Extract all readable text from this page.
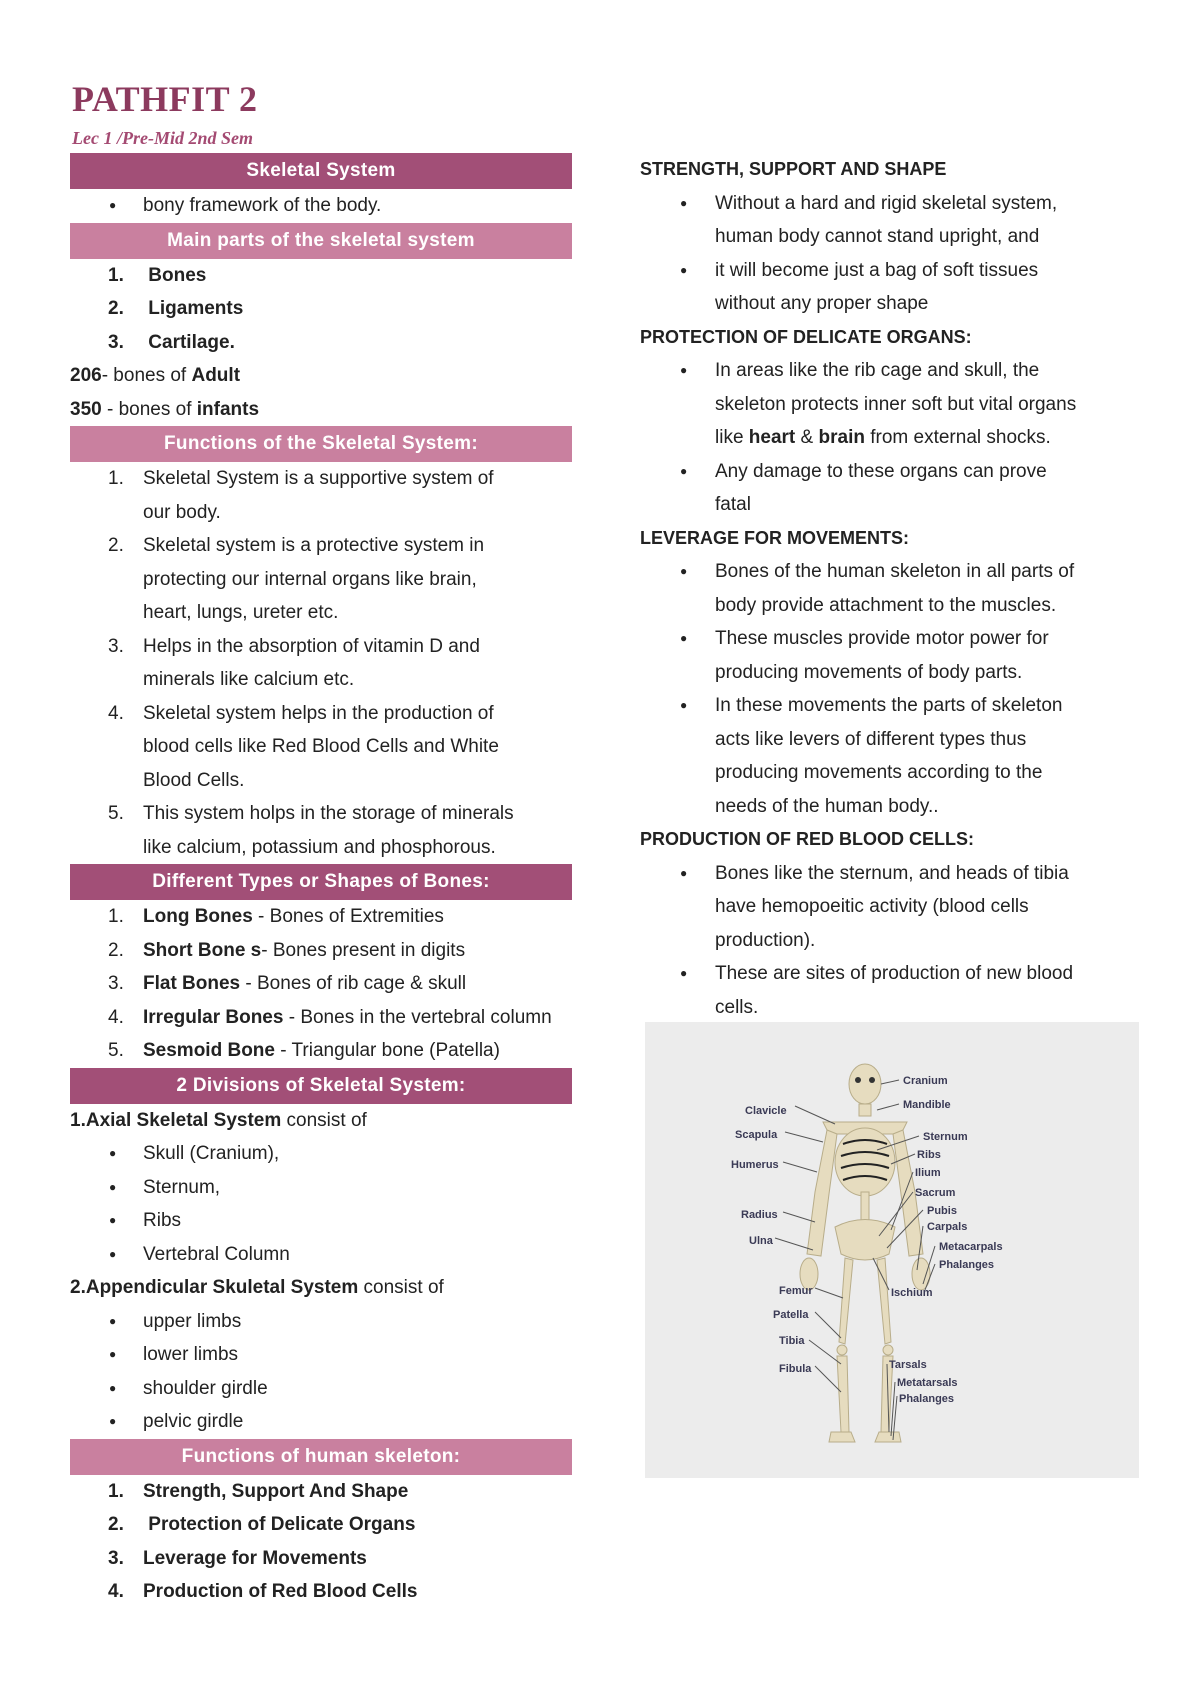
PATHFIT 2

Lec 1 /Pre-Mid 2nd Sem

Skeletal System

● bony framework of the body.

Main parts of the skeletal system

1. Bones

2. Ligaments

3. Cartilage.

206- bones of Adult

350 - bones of infants

Functions of the Skeletal System:

1. Skeletal System is a supportive system of

our body.

2. Skeletal system is a protective system in

protecting our internal organs like brain,

heart, lungs, ureter etc.

3. Helps in the absorption of vitamin D and

minerals like calcium etc.

4. Skeletal system helps in the production of

blood cells like Red Blood Cells and White

Blood Cells.

5. This system holps in the storage of minerals

like calcium, potassium and phosphorous.

Different Types or Shapes of Bones:

1. Long Bones - Bones of Extremities

2. Short Bone s- Bones present in digits

3. Flat Bones - Bones of rib cage & skull

4. Irregular Bones - Bones in the vertebral column

5. Sesmoid Bone - Triangular bone (Patella)

2 Divisions of Skeletal System:

1.Axial Skeletal System consist of

● Skull (Cranium),

● Sternum,

● Ribs

● Vertebral Column

2.Appendicular Skuletal System consist of

● upper limbs

● lower limbs

● shoulder girdle

● pelvic girdle

Functions of human skeleton:

1. Strength, Support And Shape

2. Protection of Delicate Organs

3. Leverage for Movements

4. Production of Red Blood Cells

STRENGTH, SUPPORT AND SHAPE

● Without a hard and rigid skeletal system,
human body cannot stand upright, and
● it will become just a bag of soft tissues
without any proper shape

PROTECTION OF DELICATE ORGANS:

● In areas like the rib cage and skull, the
skeleton protects inner soft but vital organs
like heart & brain from external shocks.
● Any damage to these organs can prove
fatal

LEVERAGE FOR MOVEMENTS:

● Bones of the human skeleton in all parts of
body provide attachment to the muscles.
● These muscles provide motor power for
producing movements of body parts.
● In these movements the parts of skeleton
acts like levers of different types thus
producing movements according to the
needs of the human body..

PRODUCTION OF RED BLOOD CELLS:

● Bones like the sternum, and heads of tibia
have hemopoeitic activity (blood cells
production).
● These are sites of production of new blood
cells.
Clavicle
Scapula
Humerus
Radius
Ulna
Femur
Patella
Tibia
Fibula
Cranium
Mandible
Sternum
Ribs
Ilium
Sacrum
Pubis
Carpals
Metacarpals
Phalanges
Ischium
Tarsals
Metatarsals
Phalanges
